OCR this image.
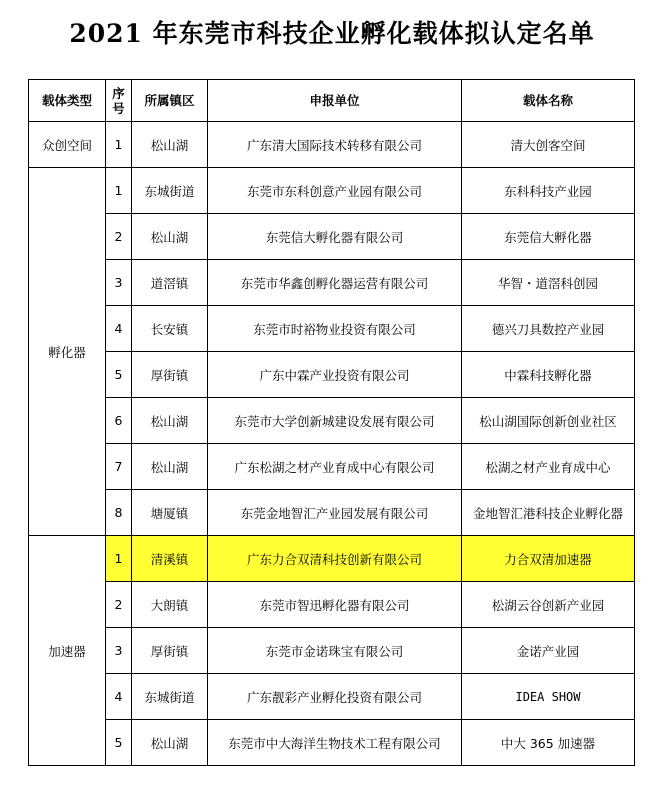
2021 年东莞市科技企业孵化载体拟认定名单
载体类型	序号	所属镇区	申报单位	载体名称
众创空间	1	松山湖	广东清大国际技术转移有限公司	清大创客空间
孵化器	1	东城街道	东莞市东科创意产业园有限公司	东科科技产业园
	2	松山湖	东莞信大孵化器有限公司	东莞信大孵化器
	3	道滘镇	东莞市华鑫创孵化器运营有限公司	华智・道滘科创园
	4	长安镇	东莞市时裕物业投资有限公司	德兴刀具数控产业园
	5	厚街镇	广东中霖产业投资有限公司	中霖科技孵化器
	6	松山湖	东莞市大学创新城建设发展有限公司	松山湖国际创新创业社区
	7	松山湖	广东松湖之材产业育成中心有限公司	松湖之材产业育成中心
	8	塘厦镇	东莞金地智汇产业园发展有限公司	金地智汇港科技企业孵化器
加速器	1	清溪镇	广东力合双清科技创新有限公司	力合双清加速器
	2	大朗镇	东莞市智迅孵化器有限公司	松湖云谷创新产业园
	3	厚街镇	东莞市金诺珠宝有限公司	金诺产业园
	4	东城街道	广东靓彩产业孵化投资有限公司	IDEA SHOW
	5	松山湖	东莞市中大海洋生物技术工程有限公司	中大 365 加速器
